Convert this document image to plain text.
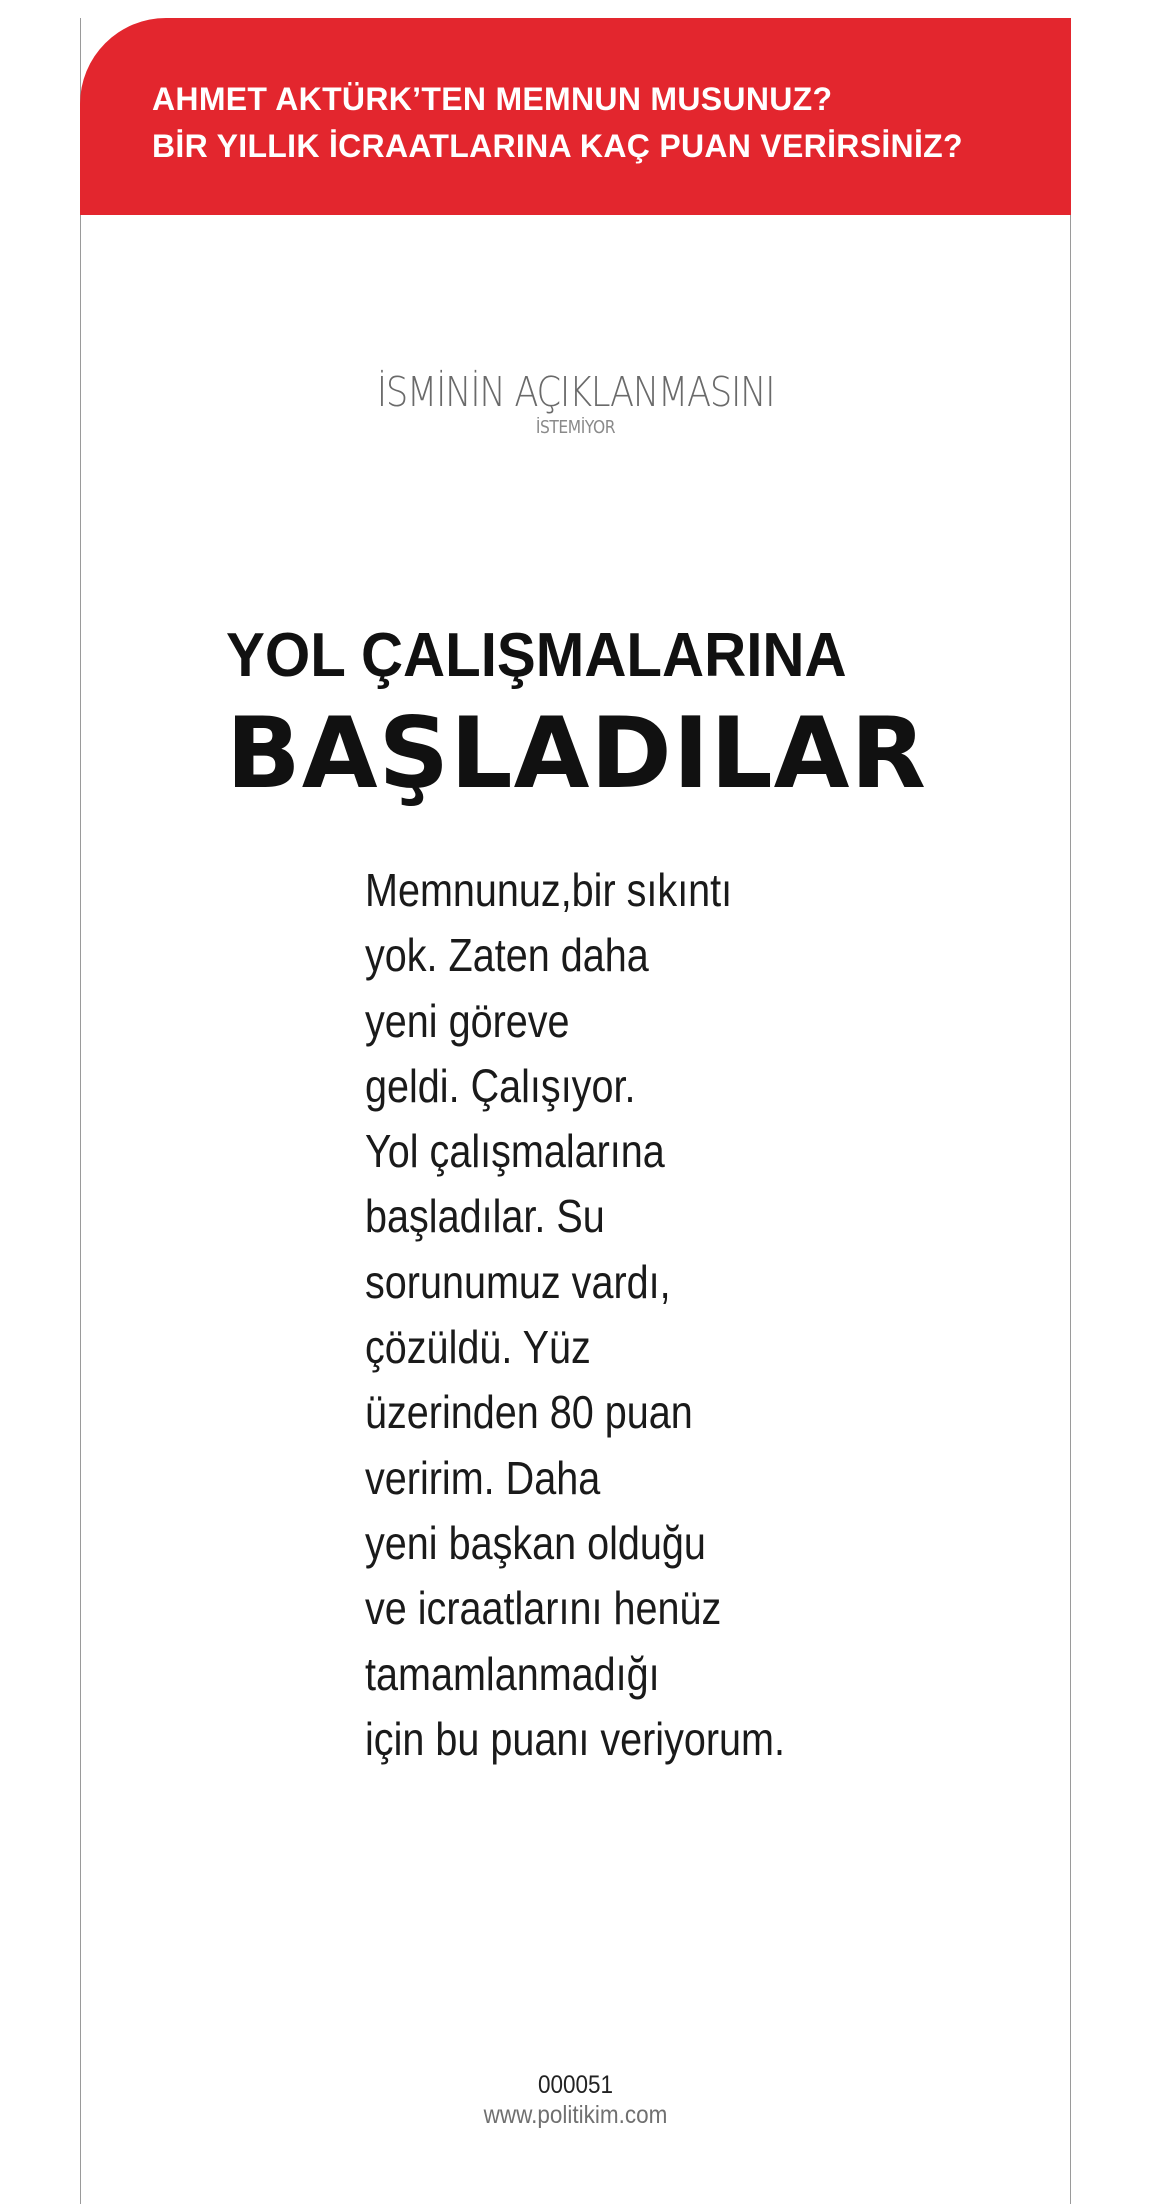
AHMET AKTÜRK’TEN MEMNUN MUSUNUZ?
BİR YILLIK İCRAATLARINA KAÇ PUAN VERİRSİNİZ?
İSMİNİN AÇIKLANMASINI
İSTEMİYOR
YOL ÇALIŞMALARINA
BAŞLADILAR
Memnunuz,bir sıkıntı
yok. Zaten daha
yeni göreve
geldi. Çalışıyor.
Yol çalışmalarına
başladılar. Su
sorunumuz vardı,
çözüldü. Yüz
üzerinden 80 puan
veririm. Daha
yeni başkan olduğu
ve icraatlarını henüz
tamamlanmadığı
için bu puanı veriyorum.
000051
www.politikim.com
